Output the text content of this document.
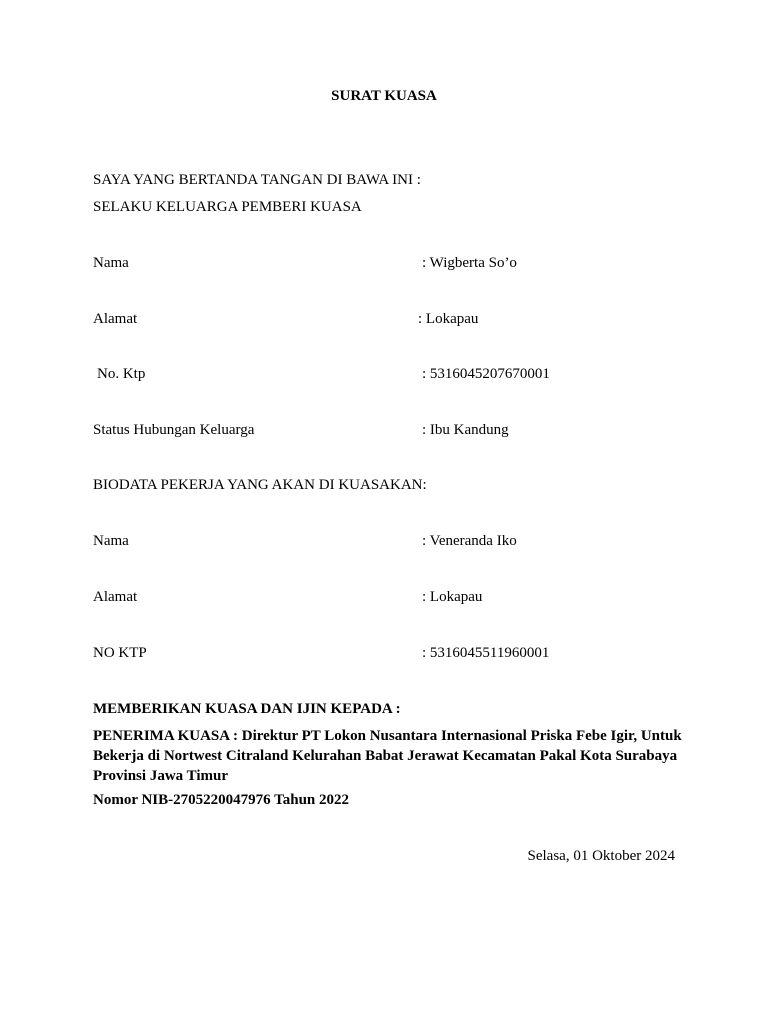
SURAT KUASA
SAYA YANG BERTANDA TANGAN DI BAWA INI :
SELAKU KELUARGA PEMBERI KUASA
Nama	: Wigberta So’o
Alamat	: Lokapau
No. Ktp	: 5316045207670001
Status Hubungan Keluarga	: Ibu Kandung
BIODATA PEKERJA YANG AKAN DI KUASAKAN:
Nama	: Veneranda Iko
Alamat	: Lokapau
NO KTP	: 5316045511960001
MEMBERIKAN KUASA DAN IJIN KEPADA :
PENERIMA KUASA : Direktur PT Lokon Nusantara Internasional Priska Febe Igir, Untuk Bekerja di Nortwest Citraland Kelurahan Babat Jerawat Kecamatan Pakal Kota Surabaya Provinsi Jawa Timur
Nomor NIB-2705220047976 Tahun 2022
Selasa, 01 Oktober 2024
